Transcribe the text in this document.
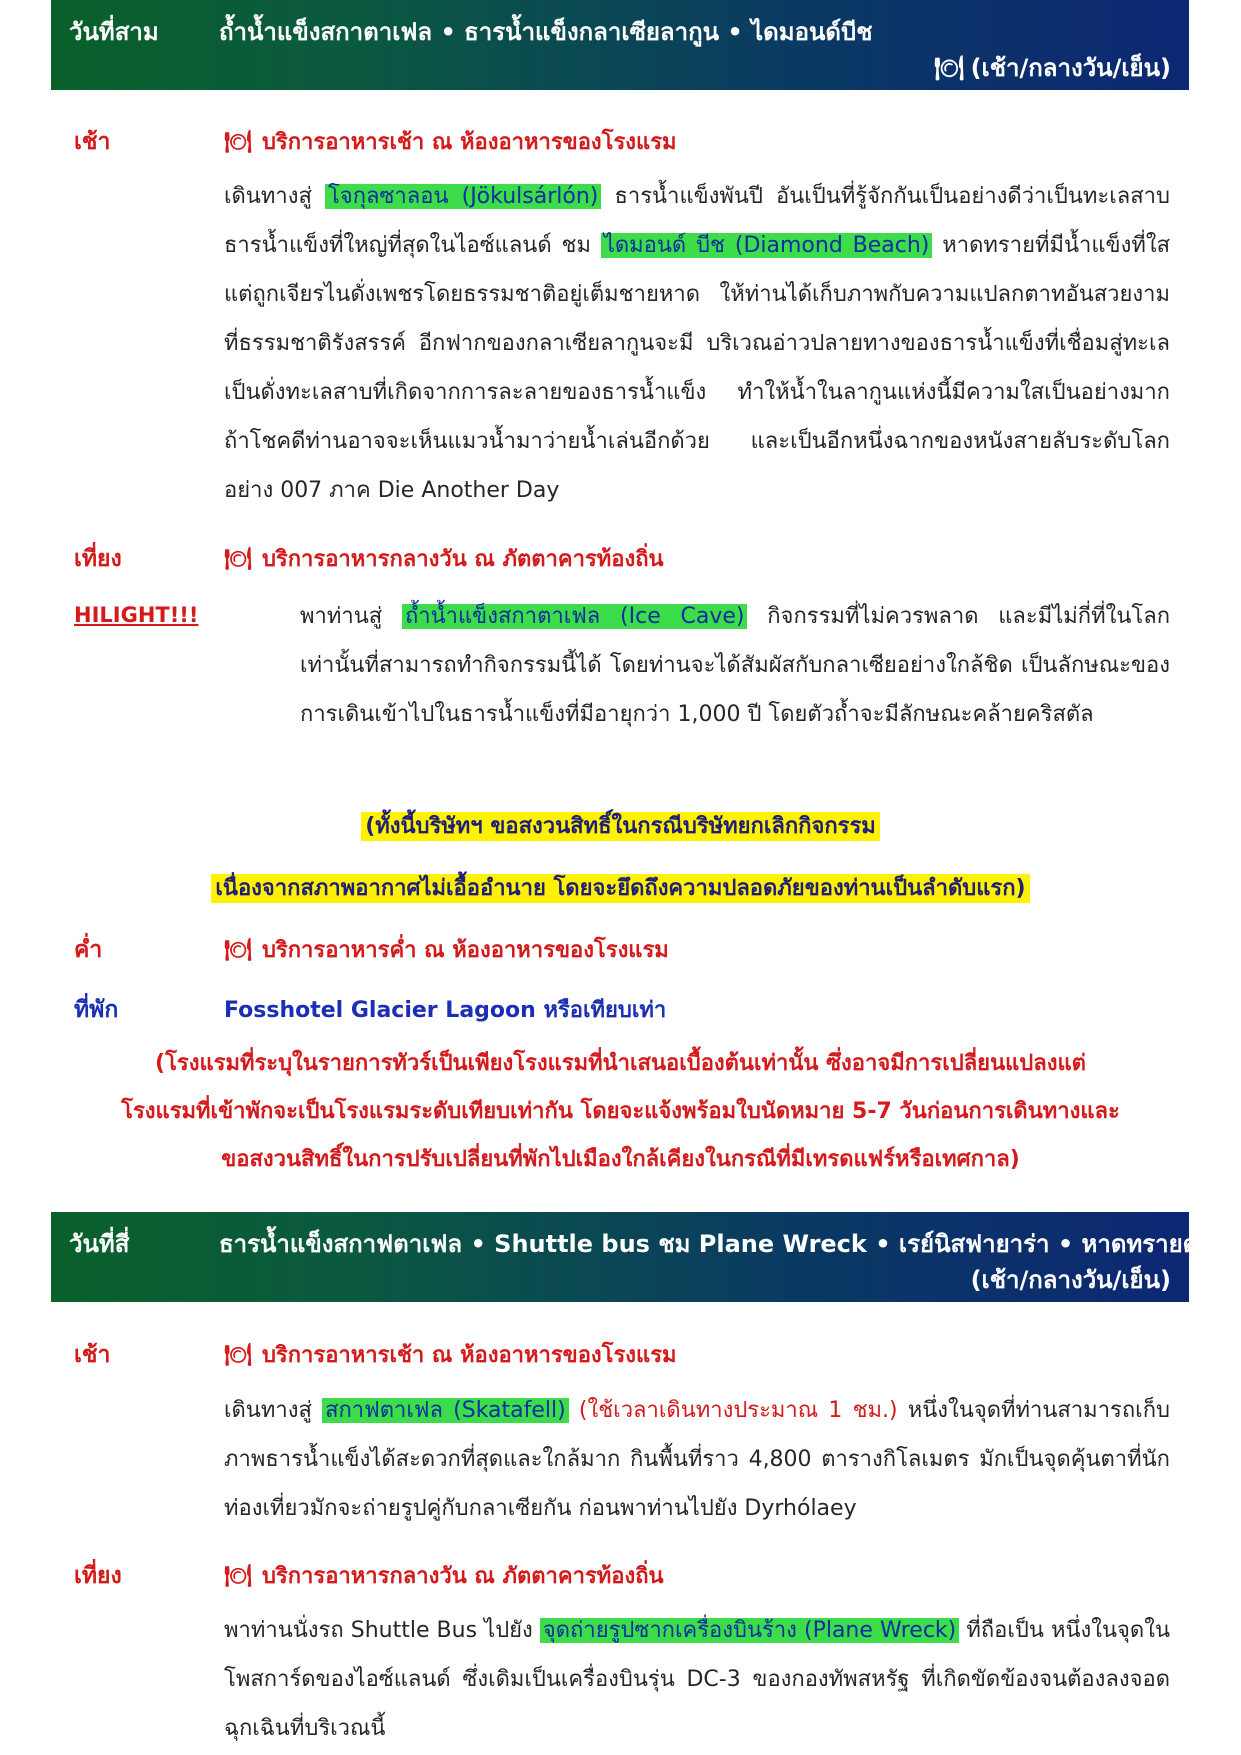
วันที่สาม	ถ้ำน้ำแข็งสกาตาเฟล • ธารน้ำแข็งกลาเซียลากูน • ไดมอนด์บีช
🍽 (เช้า/กลางวัน/เย็น)
เช้า	🍽 บริการอาหารเช้า ณ ห้องอาหารของโรงแรม
เดินทางสู่ โจกุลซาลอน (Jökulsárlón) ธารน้ำแข็งพันปี อันเป็นที่รู้จักกันเป็นอย่างดีว่าเป็นทะเลสาบธารน้ำแข็งที่ใหญ่ที่สุดในไอซ์แลนด์ ชม ไดมอนด์ บีช (Diamond Beach) หาดทรายที่มีน้ำแข็งที่ใสแต่ถูกเจียรไนดั่งเพชรโดยธรรมชาติอยู่เต็มชายหาด ให้ท่านได้เก็บภาพกับความแปลกตาทอันสวยงามที่ธรรมชาติรังสรรค์ อีกฟากของกลาเซียลากูนจะมี บริเวณอ่าวปลายทางของธารน้ำแข็งที่เชื่อมสู่ทะเล เป็นดั่งทะเลสาบที่เกิดจากการละลายของธารน้ำแข็ง ทำให้น้ำในลากูนแห่งนี้มีความใสเป็นอย่างมาก ถ้าโชคดีท่านอาจจะเห็นแมวน้ำมาว่ายน้ำเล่นอีกด้วย และเป็นอีกหนึ่งฉากของหนังสายลับระดับโลกอย่าง 007 ภาค Die Another Day
เที่ยง	🍽 บริการอาหารกลางวัน ณ ภัตตาคารท้องถิ่น
HILIGHT!!!	พาท่านสู่ ถ้ำน้ำแข็งสกาตาเฟล (Ice Cave) กิจกรรมที่ไม่ควรพลาด และมีไม่กี่ที่ในโลกเท่านั้นที่สามารถทำกิจกรรมนี้ได้ โดยท่านจะได้สัมผัสกับกลาเซียอย่างใกล้ชิด เป็นลักษณะของการเดินเข้าไปในธารน้ำแข็งที่มีอายุกว่า 1,000 ปี โดยตัวถ้ำจะมีลักษณะคล้ายคริสตัล
(ทั้งนี้บริษัทฯ ขอสงวนสิทธิ์ในกรณีบริษัทยกเลิกกิจกรรม
เนื่องจากสภาพอากาศไม่เอื้ออำนาย โดยจะยึดถึงความปลอดภัยของท่านเป็นลำดับแรก)
ค่ำ	🍽 บริการอาหารค่ำ ณ ห้องอาหารของโรงแรม
ที่พัก	Fosshotel Glacier Lagoon หรือเทียบเท่า
(โรงแรมที่ระบุในรายการทัวร์เป็นเพียงโรงแรมที่นำเสนอเบื้องต้นเท่านั้น ซึ่งอาจมีการเปลี่ยนแปลงแต่
โรงแรมที่เข้าพักจะเป็นโรงแรมระดับเทียบเท่ากัน โดยจะแจ้งพร้อมใบนัดหมาย 5-7 วันก่อนการเดินทางและ
ขอสงวนสิทธิ์ในการปรับเปลี่ยนที่พักไปเมืองใกล้เคียงในกรณีที่มีเทรดแฟร์หรือเทศกาล)
วันที่สี่	ธารน้ำแข็งสกาฟตาเฟล • Shuttle bus ชม Plane Wreck • เรย์นิสฟายาร่า • หาดทรายดำ
(เช้า/กลางวัน/เย็น)
เช้า	🍽 บริการอาหารเช้า ณ ห้องอาหารของโรงแรม
เดินทางสู่ สกาฟตาเฟล (Skatafell) (ใช้เวลาเดินทางประมาณ 1 ชม.) หนึ่งในจุดที่ท่านสามารถเก็บภาพธารน้ำแข็งได้สะดวกที่สุดและใกล้มาก กินพื้นที่ราว 4,800 ตารางกิโลเมตร มักเป็นจุดคุ้นตาที่นักท่องเที่ยวมักจะถ่ายรูปคู่กับกลาเซียกัน ก่อนพาท่านไปยัง Dyrhólaey
เที่ยง	🍽 บริการอาหารกลางวัน ณ ภัตตาคารท้องถิ่น
พาท่านนั่งรถ Shuttle Bus ไปยัง จุดถ่ายรูปซากเครื่องบินร้าง (Plane Wreck) ที่ถือเป็น หนึ่งในจุดในโพสการ์ดของไอซ์แลนด์ ซึ่งเดิมเป็นเครื่องบินรุ่น DC-3 ของกองทัพสหรัฐ ที่เกิดขัดข้องจนต้องลงจอดฉุกเฉินที่บริเวณนี้
